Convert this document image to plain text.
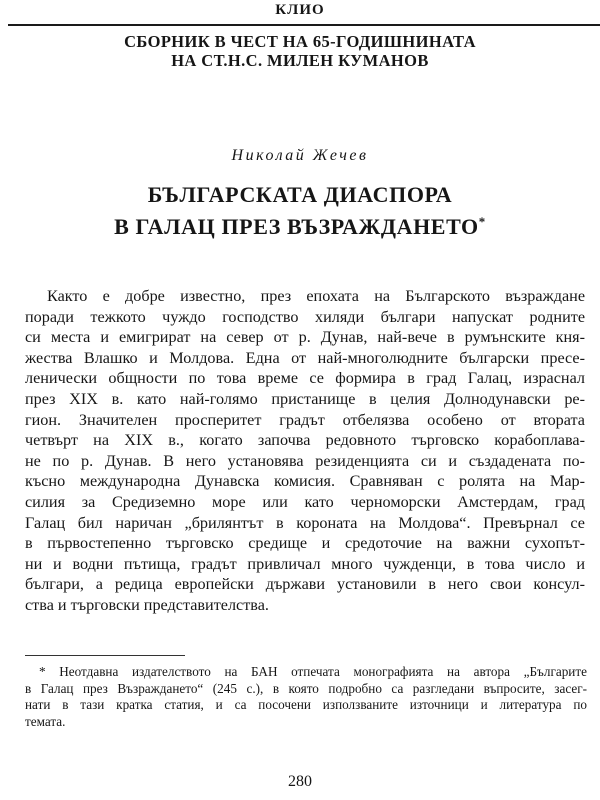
КЛИО
СБОРНИК В ЧЕСТ НА 65-ГОДИШНИНАТА
НА СТ.Н.С. МИЛЕН КУМАНОВ
Николай Жечев
БЪЛГАРСКАТА ДИАСПОРА
В ГАЛАЦ ПРЕЗ ВЪЗРАЖДАНЕТО*
Както е добре известно, през епохата на Българското възраждане
поради тежкото чуждо господство хиляди българи напускат родните
си места и емигрират на север от р. Дунав, най-вече в румънските кня-
жества Влашко и Молдова. Една от най-многолюдните български пресе-
ленически общности по това време се формира в град Галац, израснал
през XIX в. като най-голямо пристанище в целия Долнодунавски ре-
гион. Значителен просперитет градът отбелязва особено от втората
четвърт на XIX в., когато започва редовното търговско корабоплава-
не по р. Дунав. В него установява резиденцията си и създадената по-
късно международна Дунавска комисия. Сравняван с ролята на Мар-
силия за Средиземно море или като черноморски Амстердам, град
Галац бил наричан „брилянтът в короната на Молдова“. Превърнал се
в първостепенно търговско средище и средоточие на важни сухопът-
ни и водни пътища, градът привличал много чужденци, в това число и
българи, а редица европейски държави установили в него свои консул-
ства и търговски представителства.
* Неотдавна издателството на БАН отпечата монографията на автора „Българите
в Галац през Възраждането“ (245 с.), в която подробно са разгледани въпросите, засег-
нати в тази кратка статия, и са посочени използваните източници и литература по
темата.
280
